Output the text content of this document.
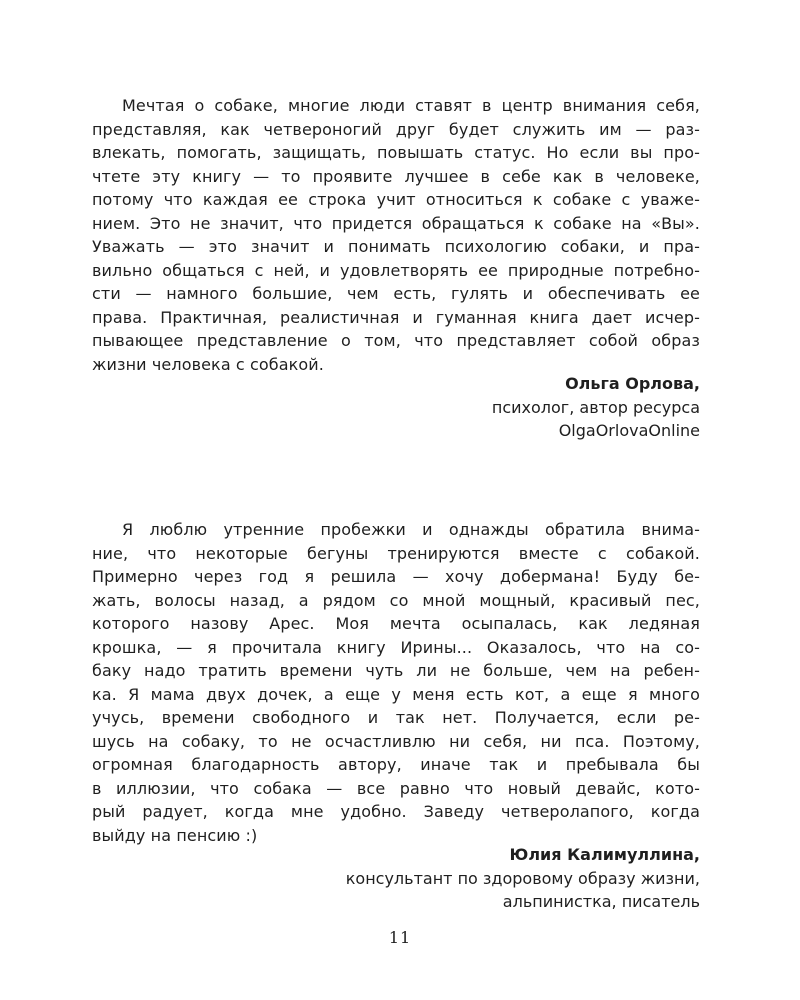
Мечтая о собаке, многие люди ставят в центр внимания себя,
представляя, как четвероногий друг будет служить им — раз-
влекать, помогать, защищать, повышать статус. Но если вы про-
чтете эту книгу — то проявите лучшее в себе как в человеке,
потому что каждая ее строка учит относиться к собаке с уваже-
нием. Это не значит, что придется обращаться к собаке на «Вы».
Уважать — это значит и понимать психологию собаки, и пра-
вильно общаться с ней, и удовлетворять ее природные потребно-
сти — намного большие, чем есть, гулять и обеспечивать ее
права. Практичная, реалистичная и гуманная книга дает исчер-
пывающее представление о том, что представляет собой образ
жизни человека с собакой.

Ольга Орлова,
психолог, автор ресурса
OlgaOrlovaOnline

Я люблю утренние пробежки и однажды обратила внима-
ние, что некоторые бегуны тренируются вместе с собакой.
Примерно через год я решила — хочу добермана! Буду бе-
жать, волосы назад, а рядом со мной мощный, красивый пес,
которого назову Арес. Моя мечта осыпалась, как ледяная
крошка, — я прочитала книгу Ирины... Оказалось, что на со-
баку надо тратить времени чуть ли не больше, чем на ребен-
ка. Я мама двух дочек, а еще у меня есть кот, а еще я много
учусь, времени свободного и так нет. Получается, если ре-
шусь на собаку, то не осчастливлю ни себя, ни пса. Поэтому,
огромная благодарность автору, иначе так и пребывала бы
в иллюзии, что собака — все равно что новый девайс, кото-
рый радует, когда мне удобно. Заведу четверолапого, когда
выйду на пенсию :)

Юлия Калимуллина,
консультант по здоровому образу жизни,
альпинистка, писатель
11
